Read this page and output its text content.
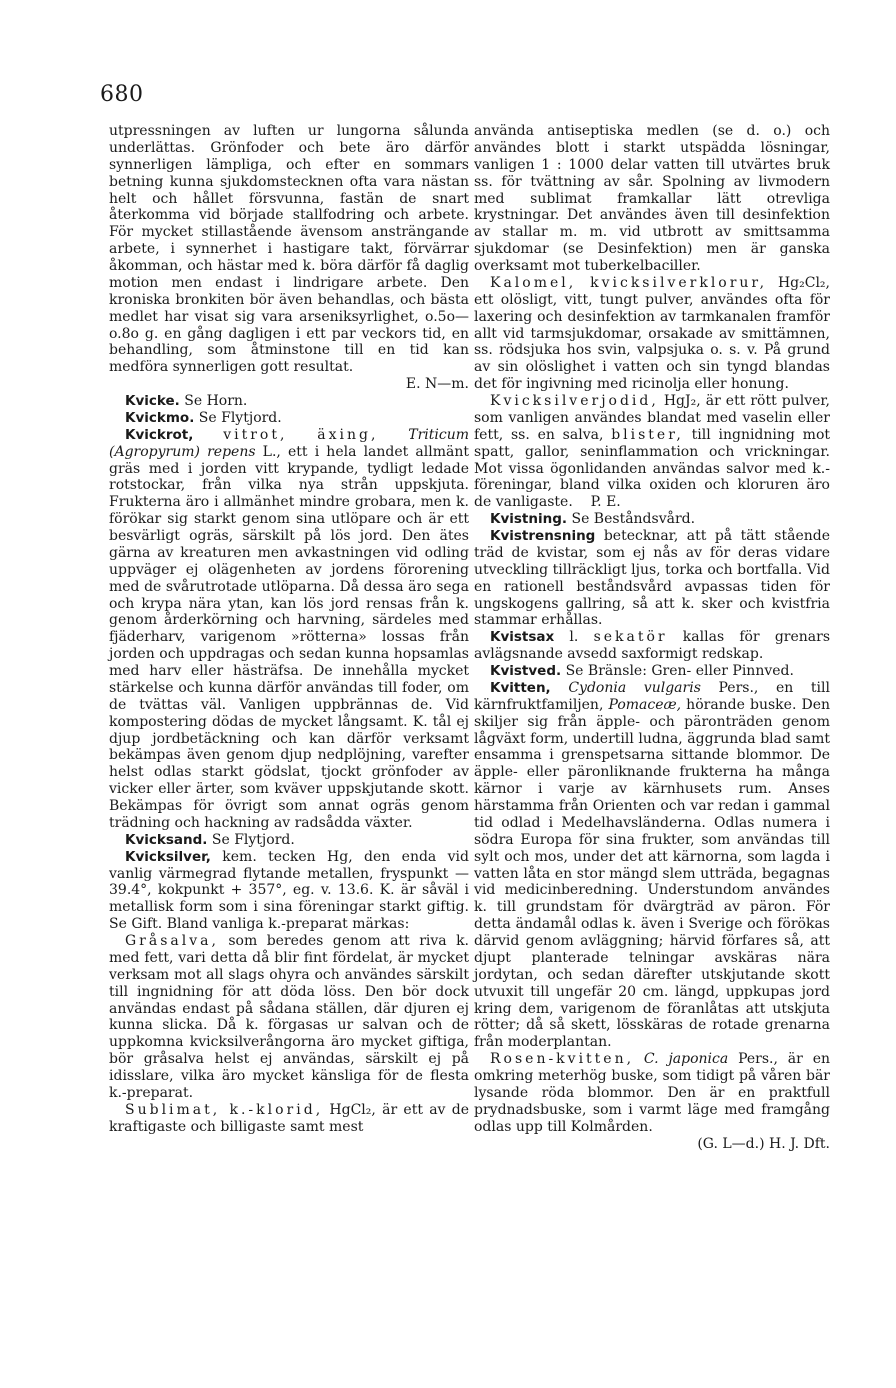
680

utpressningen av luften ur lungorna sålunda underlättas. Grönfoder och bete äro därför synnerligen lämpliga, och efter en sommars betning kunna sjukdomstecknen ofta vara nästan helt och hållet försvunna, fastän de snart återkomma vid började stallfodring och arbete. För mycket stillastående ävensom ansträngande arbete, i synnerhet i hastigare takt, förvärrar åkomman, och hästar med k. böra därför få daglig motion men endast i lindrigare arbete. Den kroniska bronkiten bör även behandlas, och bästa medlet har visat sig vara arseniksyrlighet, o.5o—o.8o g. en gång dagligen i ett par veckors tid, en behandling, som åtminstone till en tid kan medföra synnerligen gott resultat.

E. N—m.

Kvicke. Se Horn.

Kvickmo. Se Flytjord.

Kvickrot, vitrot, äxing, Triticum (Agropyrum) repens L., ett i hela landet allmänt gräs med i jorden vitt krypande, tydligt ledade rotstockar, från vilka nya strån uppskjuta. Frukterna äro i allmänhet mindre grobara, men k. förökar sig starkt genom sina utlöpare och är ett besvärligt ogräs, särskilt på lös jord. Den ätes gärna av kreaturen men avkastningen vid odling uppväger ej olägenheten av jordens förorening med de svårutrotade utlöparna. Då dessa äro sega och krypa nära ytan, kan lös jord rensas från k. genom årderkörning och harvning, särdeles med fjäderharv, varigenom »rötterna» lossas från jorden och uppdragas och sedan kunna hopsamlas med harv eller hästräfsa. De innehålla mycket stärkelse och kunna därför användas till foder, om de tvättas väl. Vanligen uppbrännas de. Vid kompostering dödas de mycket långsamt. K. tål ej djup jordbetäckning och kan därför verksamt bekämpas även genom djup nedplöjning, varefter helst odlas starkt gödslat, tjockt grönfoder av vicker eller ärter, som kväver uppskjutande skott. Bekämpas för övrigt som annat ogräs genom trädning och hackning av radsådda växter.

Kvicksand. Se Flytjord.

Kvicksilver, kem. tecken Hg, den enda vid vanlig värmegrad flytande metallen, fryspunkt — 39.4°, kokpunkt + 357°, eg. v. 13.6. K. är såväl i metallisk form som i sina föreningar starkt giftig. Se Gift. Bland vanliga k.-preparat märkas:

Gråsalva, som beredes genom att riva k. med fett, vari detta då blir fint fördelat, är mycket verksam mot all slags ohyra och användes särskilt till ingnidning för att döda löss. Den bör dock användas endast på sådana ställen, där djuren ej kunna slicka. Då k. förgasas ur salvan och de uppkomna kvicksilverångorna äro mycket giftiga, bör gråsalva helst ej användas, särskilt ej på idisslare, vilka äro mycket känsliga för de flesta k.-preparat.

Sublimat, k.-klorid, HgCl₂, är ett av de kraftigaste och billigaste samt mest

använda antiseptiska medlen (se d. o.) och användes blott i starkt utspädda lösningar, vanligen 1 : 1000 delar vatten till utvärtes bruk ss. för tvättning av sår. Spolning av livmodern med sublimat framkallar lätt otrevliga krystningar. Det användes även till desinfektion av stallar m. m. vid utbrott av smittsamma sjukdomar (se Desinfektion) men är ganska overksamt mot tuberkelbaciller.

Kalomel, kvicksilverklorur, Hg₂Cl₂, ett olösligt, vitt, tungt pulver, användes ofta för laxering och desinfektion av tarmkanalen framför allt vid tarmsjukdomar, orsakade av smittämnen, ss. rödsjuka hos svin, valpsjuka o. s. v. På grund av sin olöslighet i vatten och sin tyngd blandas det för ingivning med ricinolja eller honung.

Kvicksilverjodid, HgJ₂, är ett rött pulver, som vanligen användes blandat med vaselin eller fett, ss. en salva, blister, till ingnidning mot spatt, gallor, seninflammation och vrickningar. Mot vissa ögonlidanden användas salvor med k.-föreningar, bland vilka oxiden och kloruren äro de vanligaste. P. E.

Kvistning. Se Beståndsvård.

Kvistrensning betecknar, att på tätt stående träd de kvistar, som ej nås av för deras vidare utveckling tillräckligt ljus, torka och bortfalla. Vid en rationell beståndsvård avpassas tiden för ungskogens gallring, så att k. sker och kvistfria stammar erhållas.

Kvistsax l. sekatör kallas för grenars avlägsnande avsedd saxformigt redskap.

Kvistved. Se Bränsle: Gren- eller Pinnved.

Kvitten, Cydonia vulgaris Pers., en till kärnfruktfamiljen, Pomaceæ, hörande buske. Den skiljer sig från äpple- och päronträden genom lågväxt form, undertill ludna, äggrunda blad samt ensamma i grenspetsarna sittande blommor. De äpple- eller päronliknande frukterna ha många kärnor i varje av kärnhusets rum. Anses härstamma från Orienten och var redan i gammal tid odlad i Medelhavsländerna. Odlas numera i södra Europa för sina frukter, som användas till sylt och mos, under det att kärnorna, som lagda i vatten låta en stor mängd slem utträda, begagnas vid medicinberedning. Understundom användes k. till grundstam för dvärgträd av päron. För detta ändamål odlas k. även i Sverige och förökas därvid genom avläggning; härvid förfares så, att djupt planterade telningar avskäras nära jordytan, och sedan därefter utskjutande skott utvuxit till ungefär 20 cm. längd, uppkupas jord kring dem, varigenom de föranlåtas att utskjuta rötter; då så skett, lösskäras de rotade grenarna från moderplantan.

Rosen-kvitten, C. japonica Pers., är en omkring meterhög buske, som tidigt på våren bär lysande röda blommor. Den är en praktfull prydnadsbuske, som i varmt läge med framgång odlas upp till Kolmården.

(G. L—d.) H. J. Dft.
